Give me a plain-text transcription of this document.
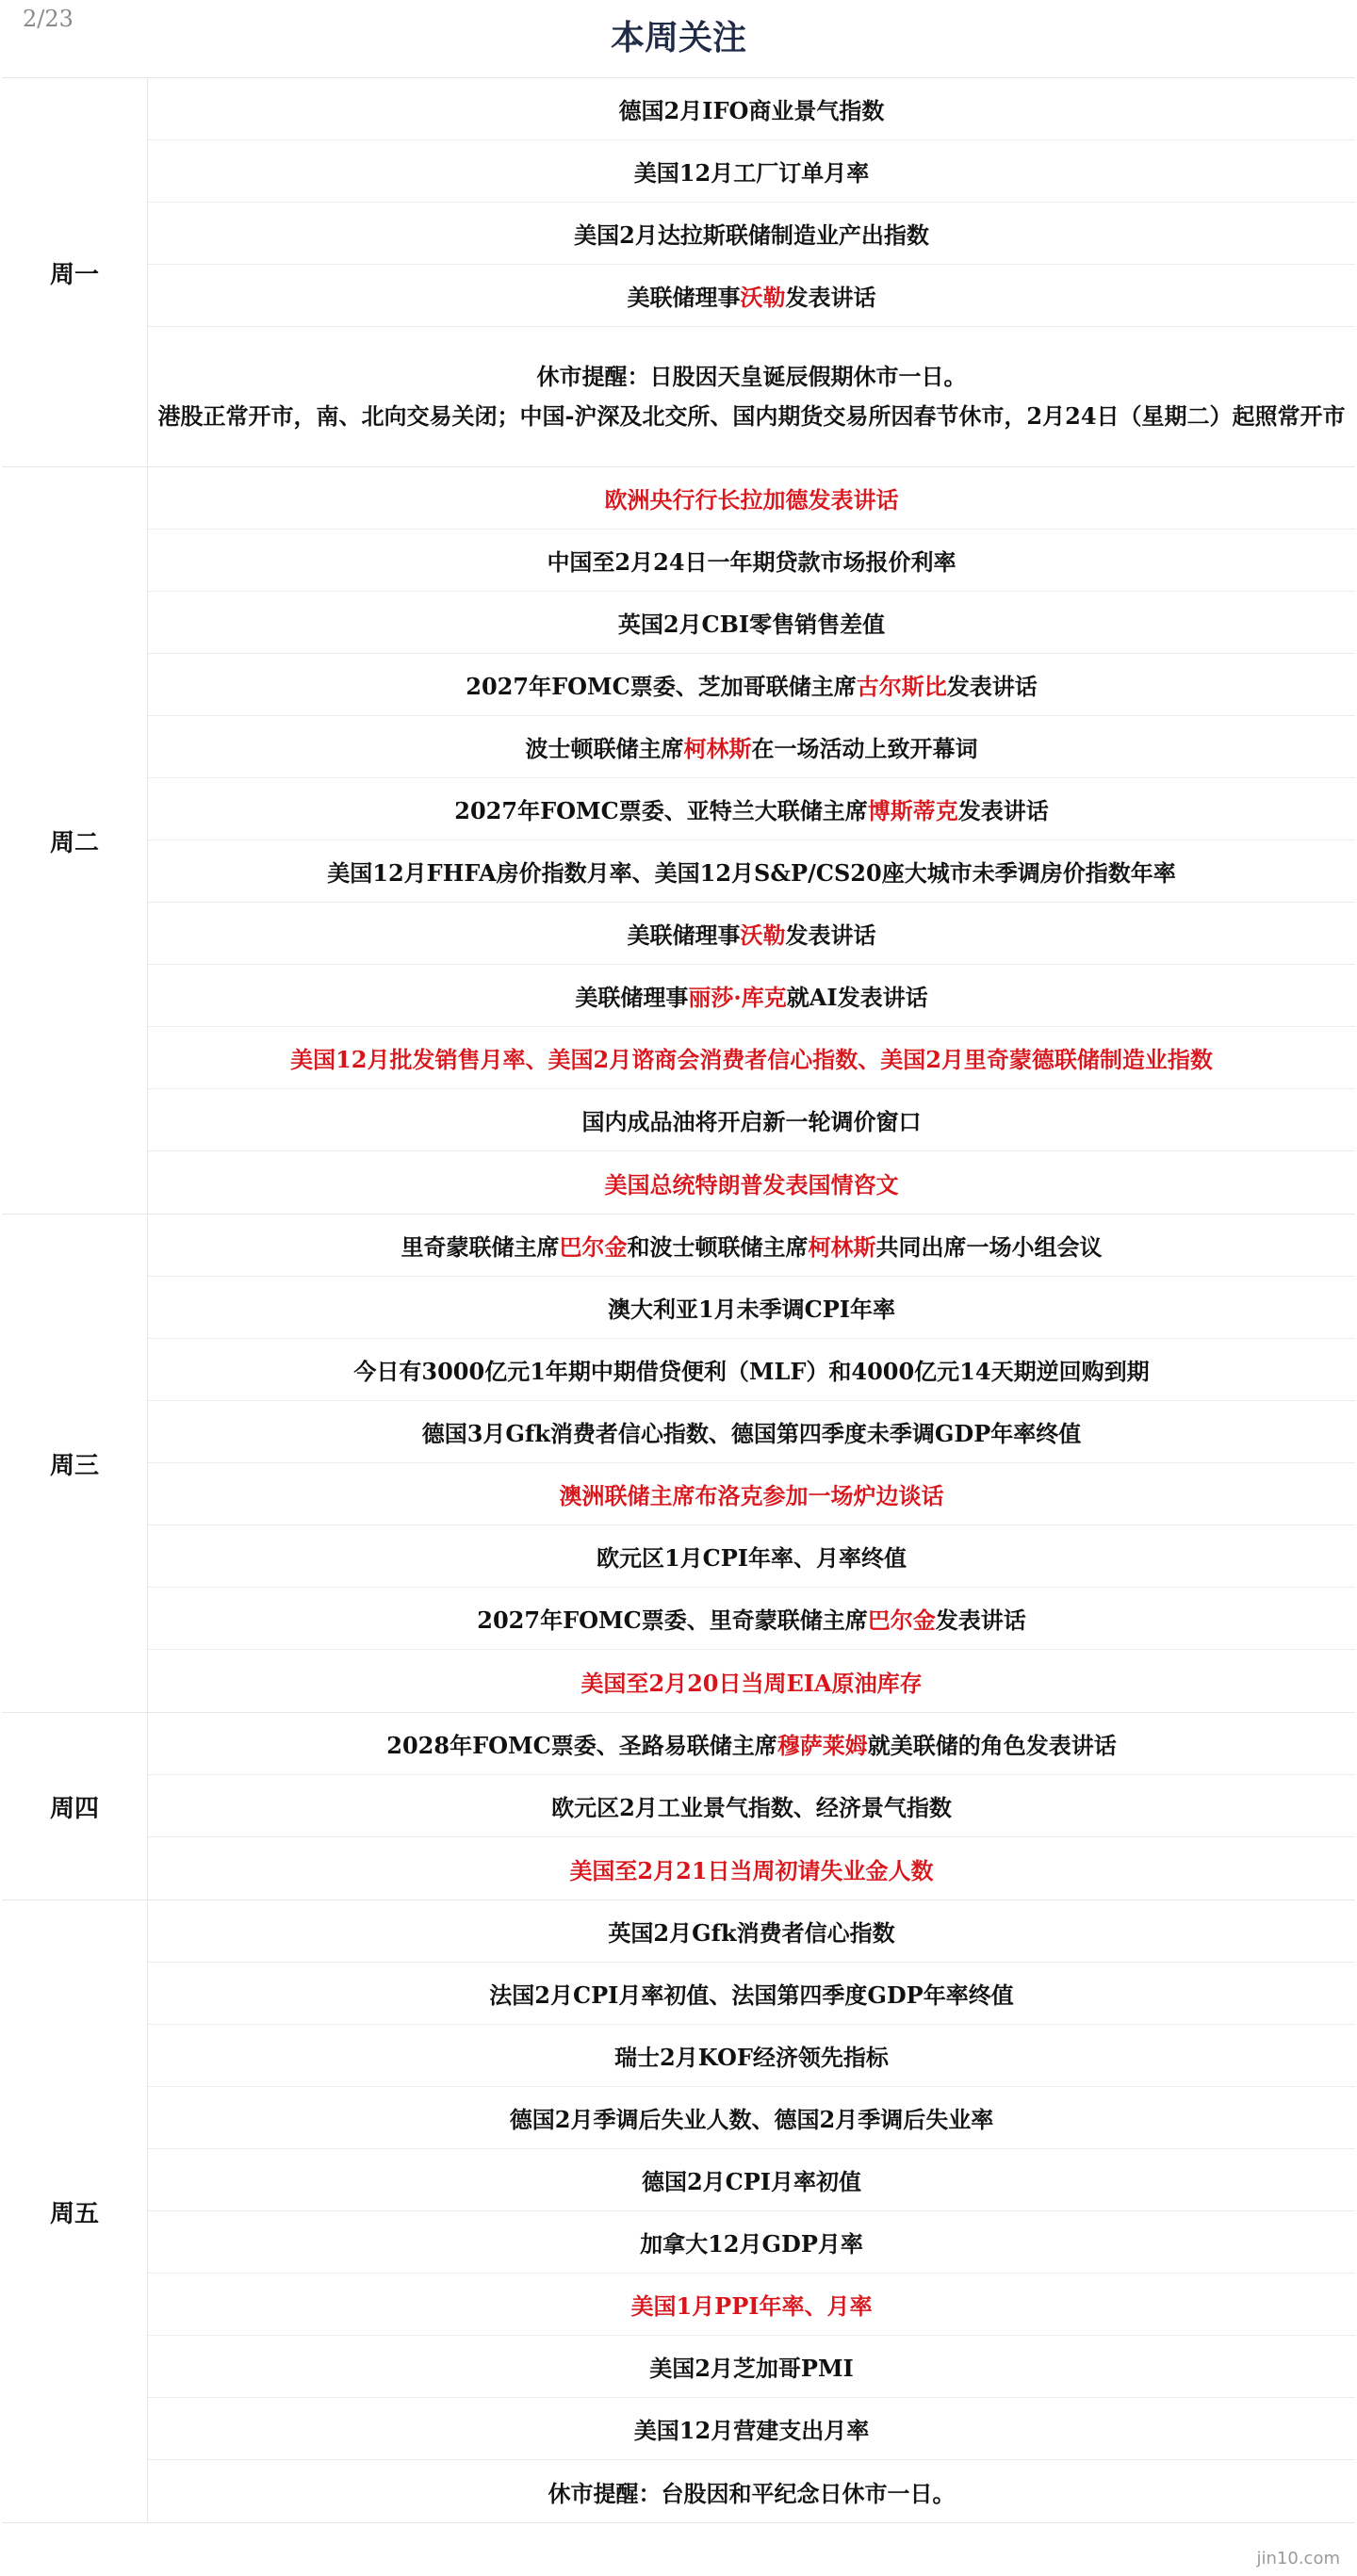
2/23	本周关注
周一
德国2月IFO商业景气指数
美国12月工厂订单月率
美国2月达拉斯联储制造业产出指数
美联储理事 沃勒 发表讲话
休市提醒：日股因天皇诞辰假期休市一日。
港股正常开市，南、北向交易关闭；中国-沪深及北交所、国内期货交易所因春节休市，2月24日（星期二）起照常开市
周二
欧洲央行行长拉加德发表讲话
中国至2月24日一年期贷款市场报价利率
英国2月CBI零售销售差值
2027年FOMC票委、芝加哥联储主席 古尔斯比 发表讲话
波士顿联储主席 柯林斯 在一场活动上致开幕词
2027年FOMC票委、亚特兰大联储主席 博斯蒂克 发表讲话
美国12月FHFA房价指数月率、美国12月S&P/CS20座大城市未季调房价指数年率
美联储理事 沃勒 发表讲话
美联储理事 丽莎·库克 就AI发表讲话
美国12月批发销售月率、美国2月谘商会消费者信心指数、美国2月里奇蒙德联储制造业指数
国内成品油将开启新一轮调价窗口
美国总统特朗普发表国情咨文
周三
里奇蒙联储主席 巴尔金 和波士顿联储主席 柯林斯 共同出席一场小组会议
澳大利亚1月未季调CPI年率
今日有3000亿元1年期中期借贷便利（MLF）和4000亿元14天期逆回购到期
德国3月Gfk消费者信心指数、德国第四季度未季调GDP年率终值
澳洲联储主席布洛克参加一场炉边谈话
欧元区1月CPI年率、月率终值
2027年FOMC票委、里奇蒙联储主席 巴尔金 发表讲话
美国至2月20日当周EIA原油库存
周四
2028年FOMC票委、圣路易联储主席 穆萨莱姆 就美联储的角色发表讲话
欧元区2月工业景气指数、经济景气指数
美国至2月21日当周初请失业金人数
周五
英国2月Gfk消费者信心指数
法国2月CPI月率初值、法国第四季度GDP年率终值
瑞士2月KOF经济领先指标
德国2月季调后失业人数、德国2月季调后失业率
德国2月CPI月率初值
加拿大12月GDP月率
美国1月PPI年率、月率
美国2月芝加哥PMI
美国12月营建支出月率
休市提醒：台股因和平纪念日休市一日。
jin10.com
